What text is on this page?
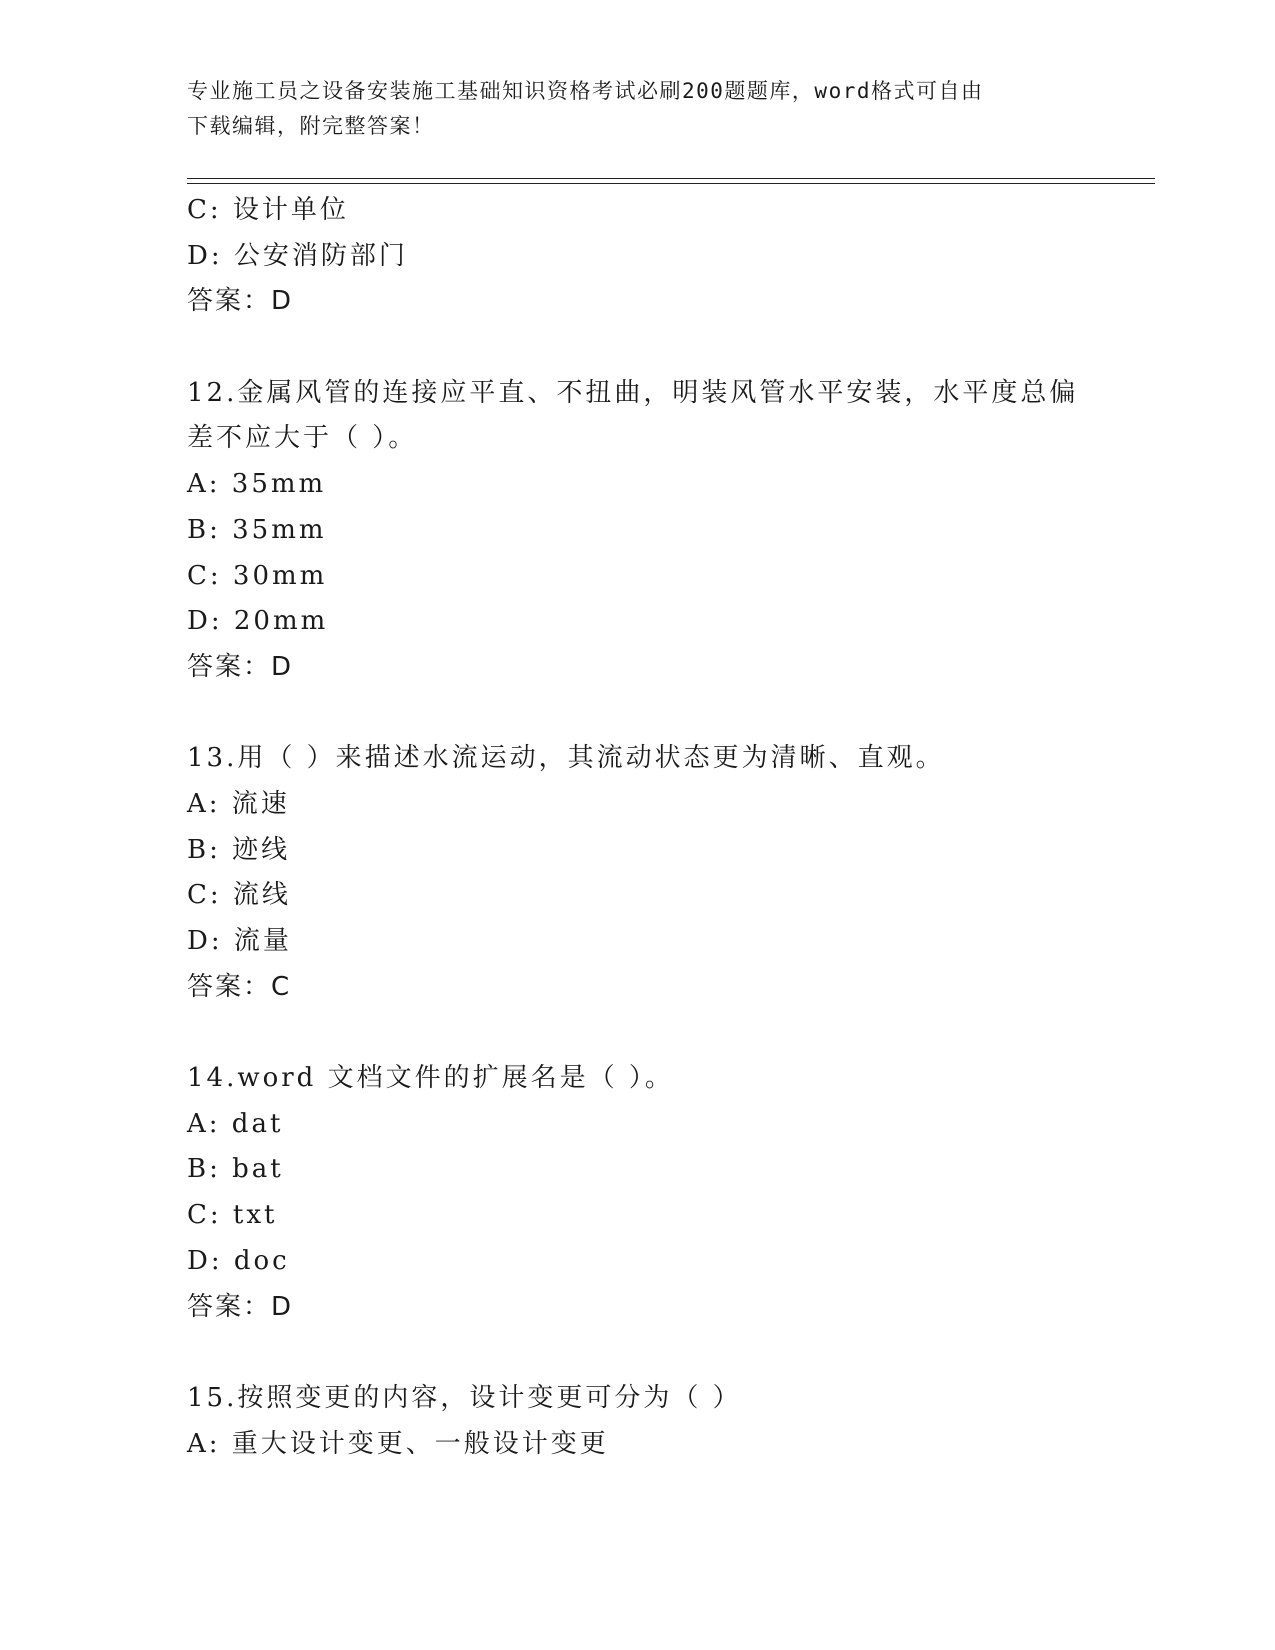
专业施工员之设备安装施工基础知识资格考试必刷200题题库，word格式可自由
下载编辑，附完整答案！
C: 设计单位
D: 公安消防部门
答案：D
12.金属风管的连接应平直、不扭曲，明装风管水平安装，水平度总偏
差不应大于（ ）。
A: 35mm
B: 35mm
C: 30mm
D: 20mm
答案：D
13.用（ ）来描述水流运动，其流动状态更为清晰、直观。
A: 流速
B: 迹线
C: 流线
D: 流量
答案：C
14.word 文档文件的扩展名是（ ）。
A: dat
B: bat
C: txt
D: doc
答案：D
15.按照变更的内容，设计变更可分为（ ）
A: 重大设计变更、一般设计变更
